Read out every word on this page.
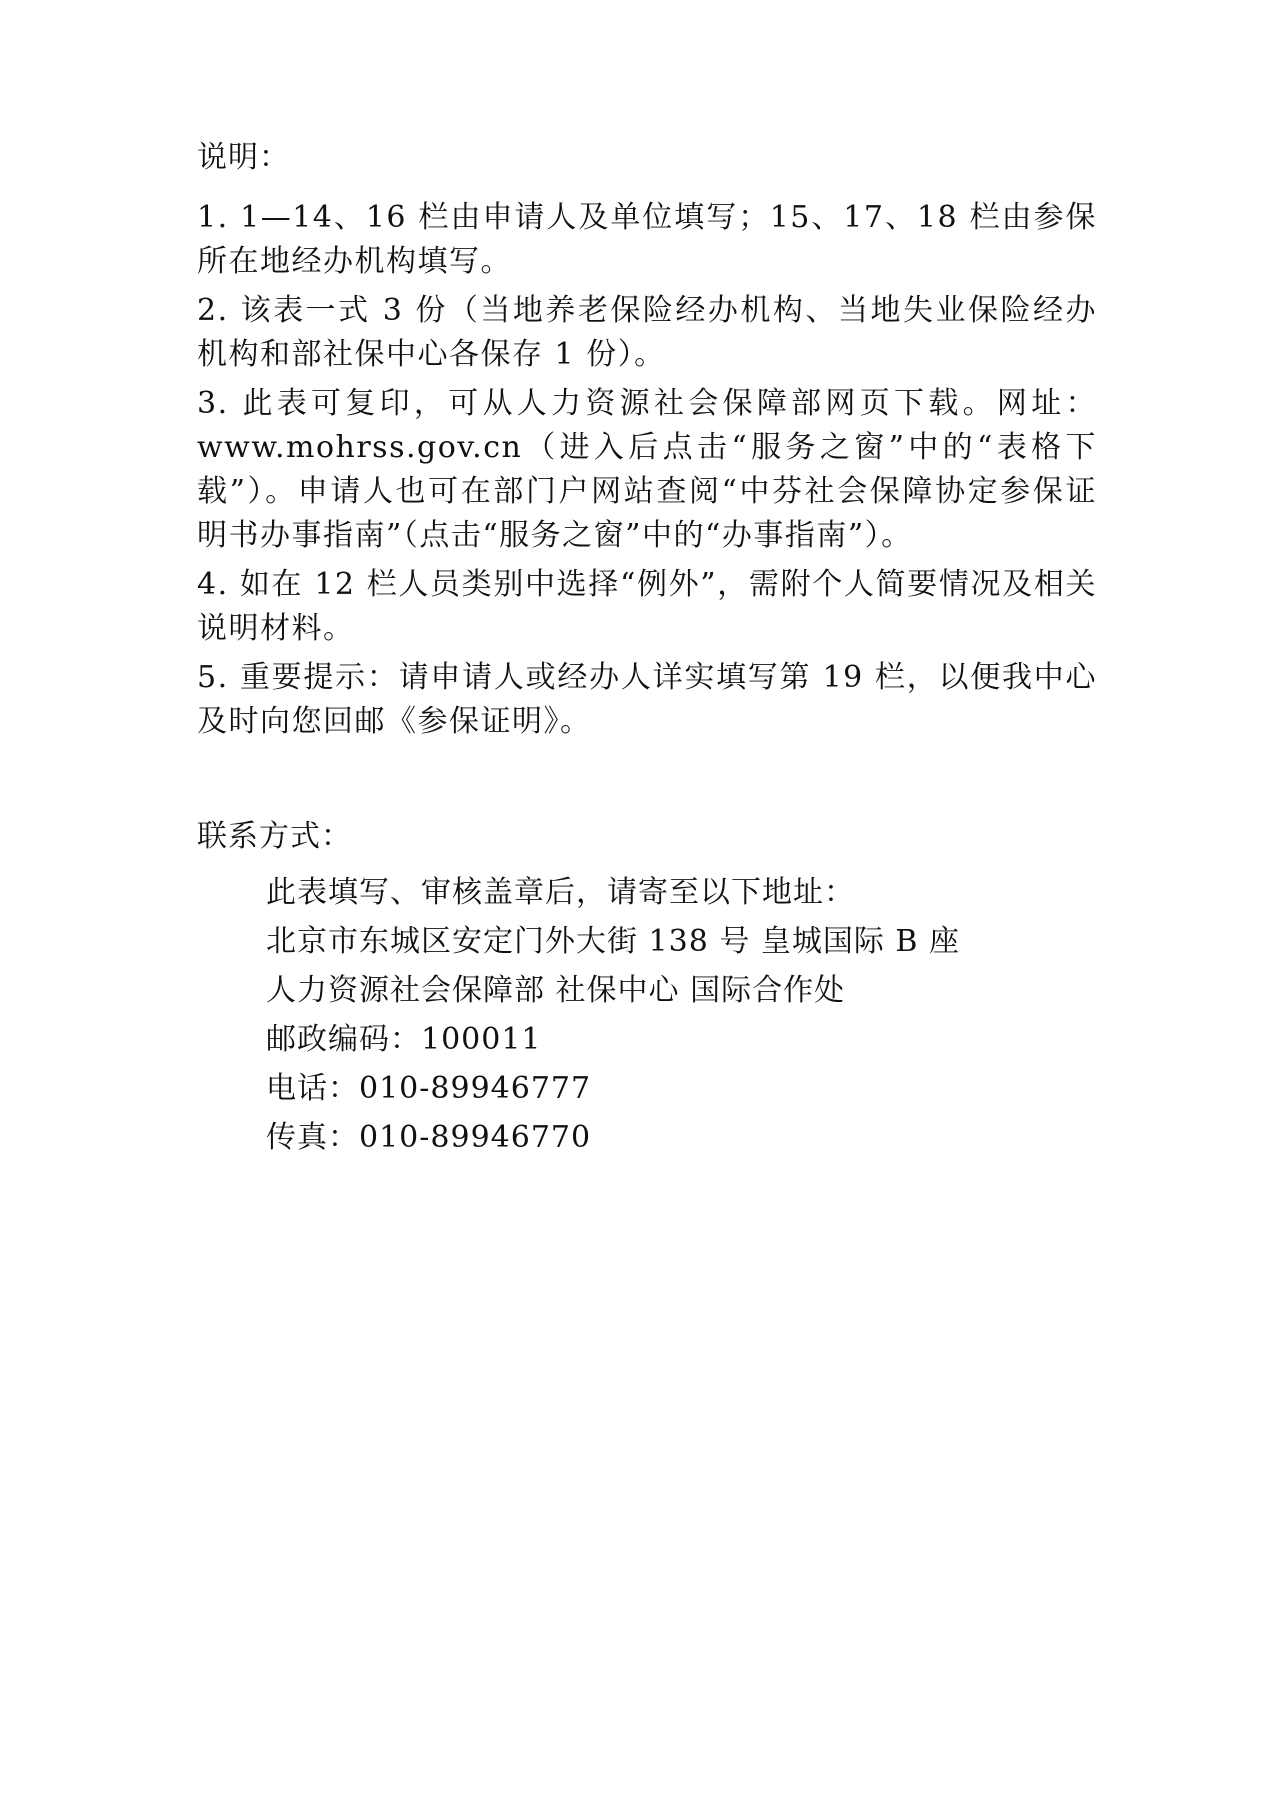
说明：

1. 1—14、16 栏由申请人及单位填写；15、17、18 栏由参保所在地经办机构填写。

2. 该表一式 3 份（当地养老保险经办机构、当地失业保险经办机构和部社保中心各保存 1 份）。

3. 此表可复印，可从人力资源社会保障部网页下载。网址：www.mohrss.gov.cn（进入后点击“服务之窗”中的“表格下载”）。申请人也可在部门户网站查阅“中芬社会保障协定参保证明书办事指南”（点击“服务之窗”中的“办事指南”）。

4. 如在 12 栏人员类别中选择“例外”，需附个人简要情况及相关说明材料。

5. 重要提示：请申请人或经办人详实填写第 19 栏，以便我中心及时向您回邮《参保证明》。

联系方式：
此表填写、审核盖章后，请寄至以下地址：
北京市东城区安定门外大街 138 号 皇城国际 B 座
人力资源社会保障部 社保中心 国际合作处
邮政编码：100011
电话：010-89946777
传真：010-89946770
